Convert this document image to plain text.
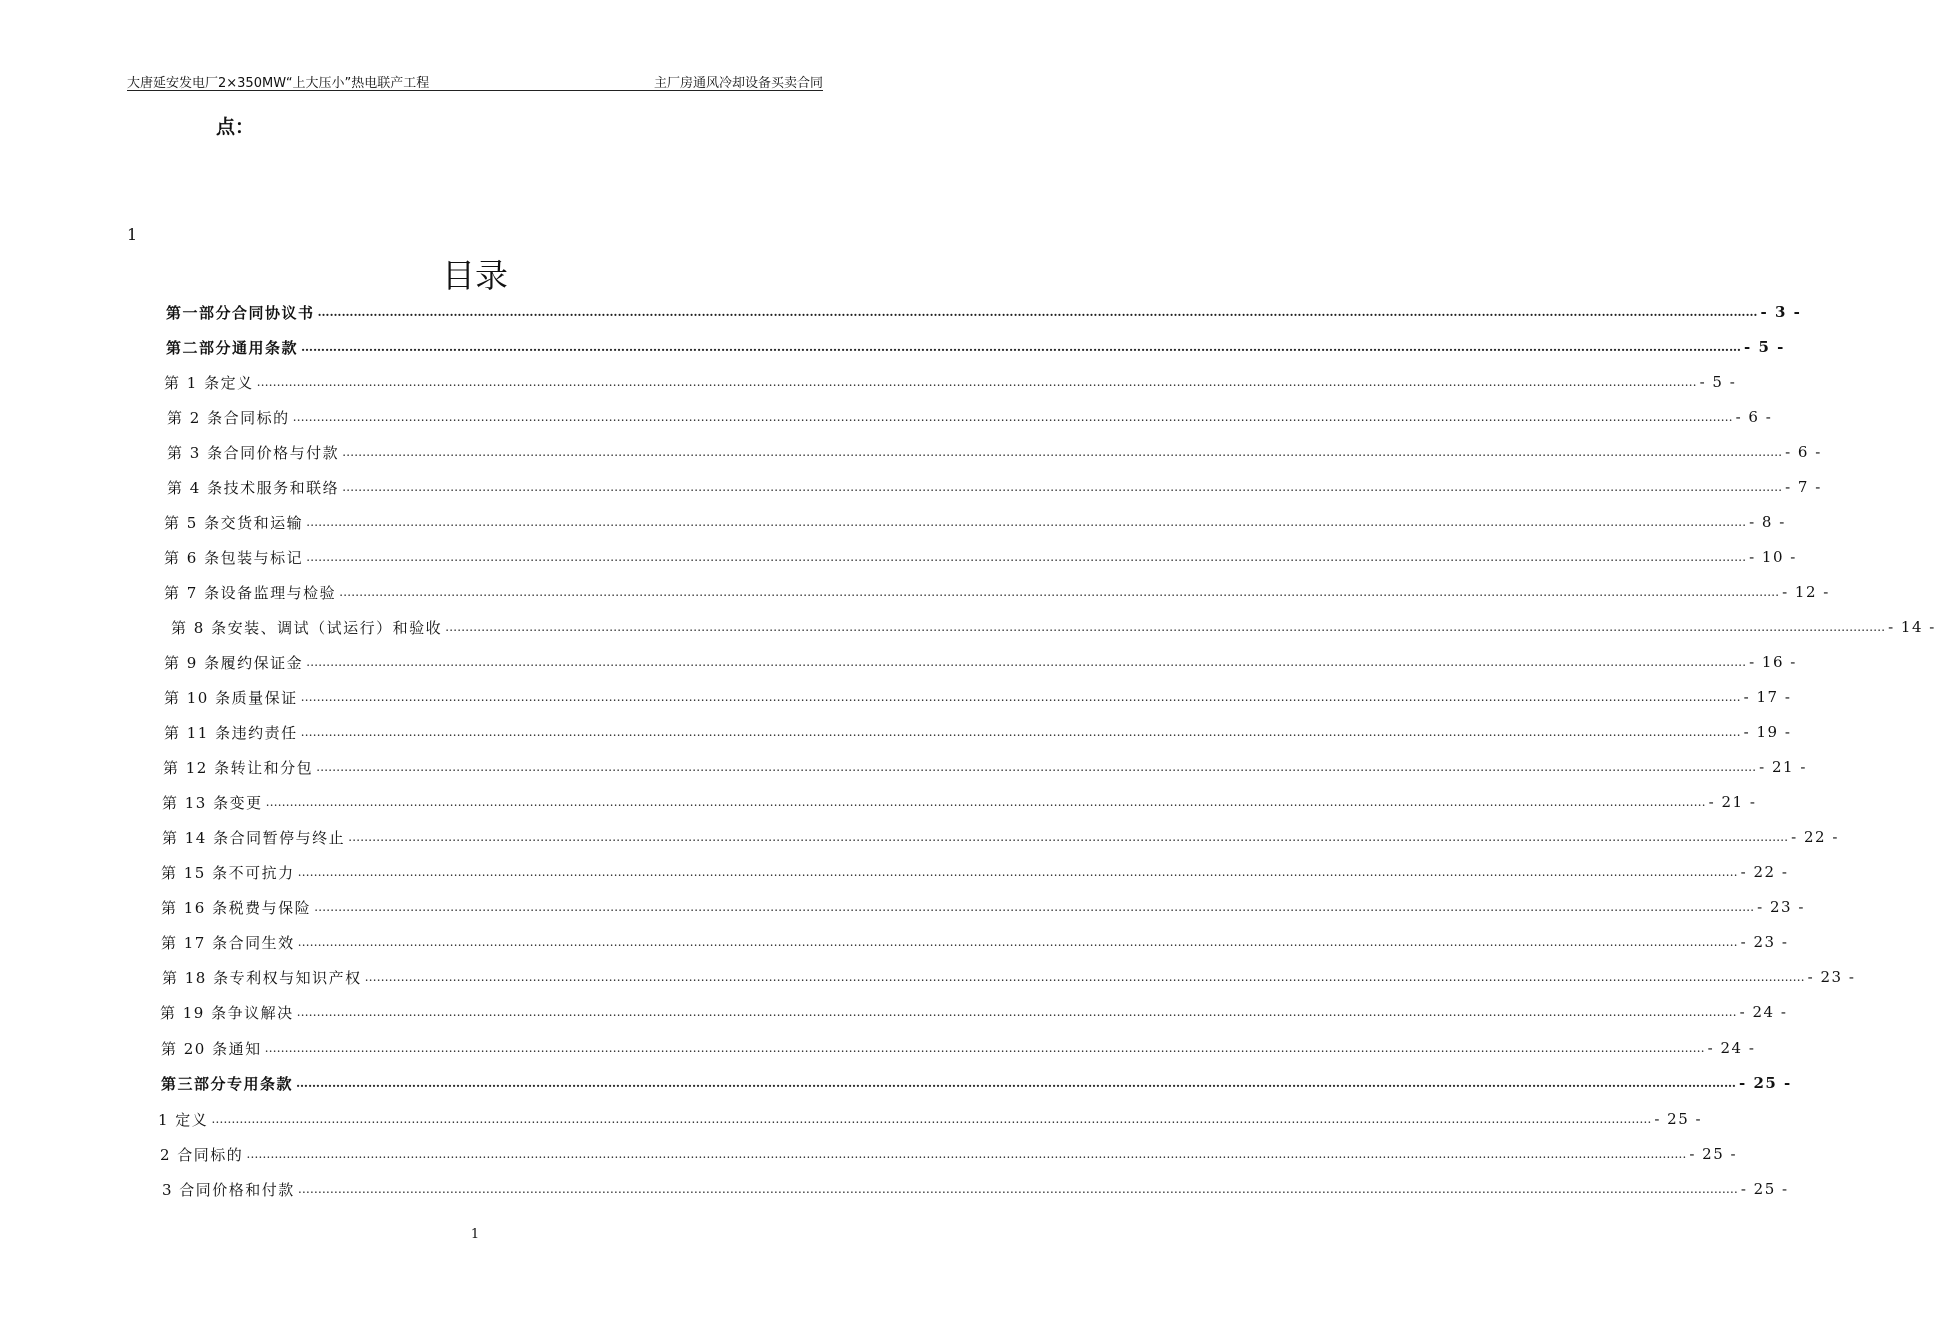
大唐延安发电厂2×350MW“上大压小”热电联产工程	主厂房通风冷却设备买卖合同
点：
1
目录
第一部分合同协议书 ……………………………………………………………………………………………………………………………………………………………………………………………………………………………………………………………………………………………………………………………… - 3 -
第二部分通用条款 ……………………………………………………………………………………………………………………………………………………………………………………………………………………………………………………………………………………………………………………………… - 5 -
第 1 条定义 ……………………………………………………………………………………………………………………………………………………………………………………………………………………………………………………………………………………………………………………………… - 5 -
第 2 条合同标的 ……………………………………………………………………………………………………………………………………………………………………………………………………………………………………………………………………………………………………………………………… - 6 -
第 3 条合同价格与付款 ……………………………………………………………………………………………………………………………………………………………………………………………………………………………………………………………………………………………………………………………… - 6 -
第 4 条技术服务和联络 ……………………………………………………………………………………………………………………………………………………………………………………………………………………………………………………………………………………………………………………………… - 7 -
第 5 条交货和运输 ……………………………………………………………………………………………………………………………………………………………………………………………………………………………………………………………………………………………………………………………… - 8 -
第 6 条包装与标记 ……………………………………………………………………………………………………………………………………………………………………………………………………………………………………………………………………………………………………………………………… - 10 -
第 7 条设备监理与检验 ……………………………………………………………………………………………………………………………………………………………………………………………………………………………………………………………………………………………………………………………… - 12 -
第 8 条安装、调试（试运行）和验收 ……………………………………………………………………………………………………………………………………………………………………………………………………………………………………………………………………………………………………………………………… - 14 -
第 9 条履约保证金 ……………………………………………………………………………………………………………………………………………………………………………………………………………………………………………………………………………………………………………………………… - 16 -
第 10 条质量保证 ……………………………………………………………………………………………………………………………………………………………………………………………………………………………………………………………………………………………………………………………… - 17 -
第 11 条违约责任 ……………………………………………………………………………………………………………………………………………………………………………………………………………………………………………………………………………………………………………………………… - 19 -
第 12 条转让和分包 ……………………………………………………………………………………………………………………………………………………………………………………………………………………………………………………………………………………………………………………………… - 21 -
第 13 条变更 ……………………………………………………………………………………………………………………………………………………………………………………………………………………………………………………………………………………………………………………………… - 21 -
第 14 条合同暂停与终止 ……………………………………………………………………………………………………………………………………………………………………………………………………………………………………………………………………………………………………………………………… - 22 -
第 15 条不可抗力 ……………………………………………………………………………………………………………………………………………………………………………………………………………………………………………………………………………………………………………………………… - 22 -
第 16 条税费与保险 ……………………………………………………………………………………………………………………………………………………………………………………………………………………………………………………………………………………………………………………………… - 23 -
第 17 条合同生效 ……………………………………………………………………………………………………………………………………………………………………………………………………………………………………………………………………………………………………………………………… - 23 -
第 18 条专利权与知识产权 ……………………………………………………………………………………………………………………………………………………………………………………………………………………………………………………………………………………………………………………………… - 23 -
第 19 条争议解决 ……………………………………………………………………………………………………………………………………………………………………………………………………………………………………………………………………………………………………………………………… - 24 -
第 20 条通知 ……………………………………………………………………………………………………………………………………………………………………………………………………………………………………………………………………………………………………………………………… - 24 -
第三部分专用条款 ……………………………………………………………………………………………………………………………………………………………………………………………………………………………………………………………………………………………………………………………… - 25 -
1 定义 ……………………………………………………………………………………………………………………………………………………………………………………………………………………………………………………………………………………………………………………………… - 25 -
2 合同标的 ……………………………………………………………………………………………………………………………………………………………………………………………………………………………………………………………………………………………………………………………… - 25 -
3 合同价格和付款 ……………………………………………………………………………………………………………………………………………………………………………………………………………………………………………………………………………………………………………………………… - 25 -
1
